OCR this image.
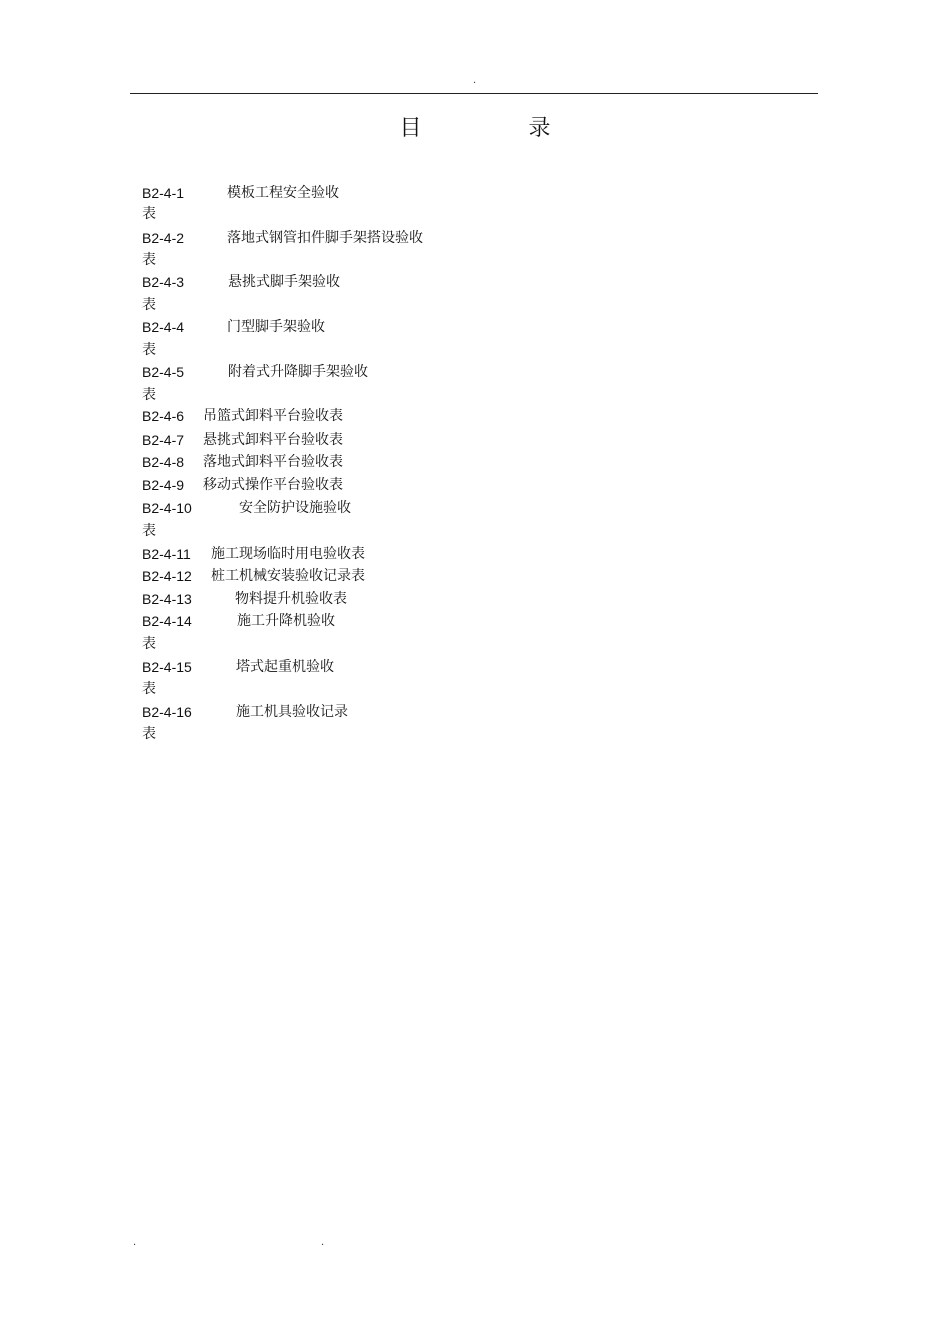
.
目 录
B2-4-1	模板工程安全验收
表
B2-4-2	落地式钢管扣件脚手架搭设验收
表
B2-4-3	悬挑式脚手架验收
表
B2-4-4	门型脚手架验收
表
B2-4-5	附着式升降脚手架验收
表
B2-4-6 吊篮式卸料平台验收表
B2-4-7 悬挑式卸料平台验收表
B2-4-8 落地式卸料平台验收表
B2-4-9 移动式操作平台验收表
B2-4-10	安全防护设施验收
表
B2-4-11 施工现场临时用电验收表
B2-4-12 桩工机械安装验收记录表
B2-4-13	物料提升机验收表
B2-4-14	施工升降机验收
表
B2-4-15	塔式起重机验收
表
B2-4-16	施工机具验收记录
表
.	.
